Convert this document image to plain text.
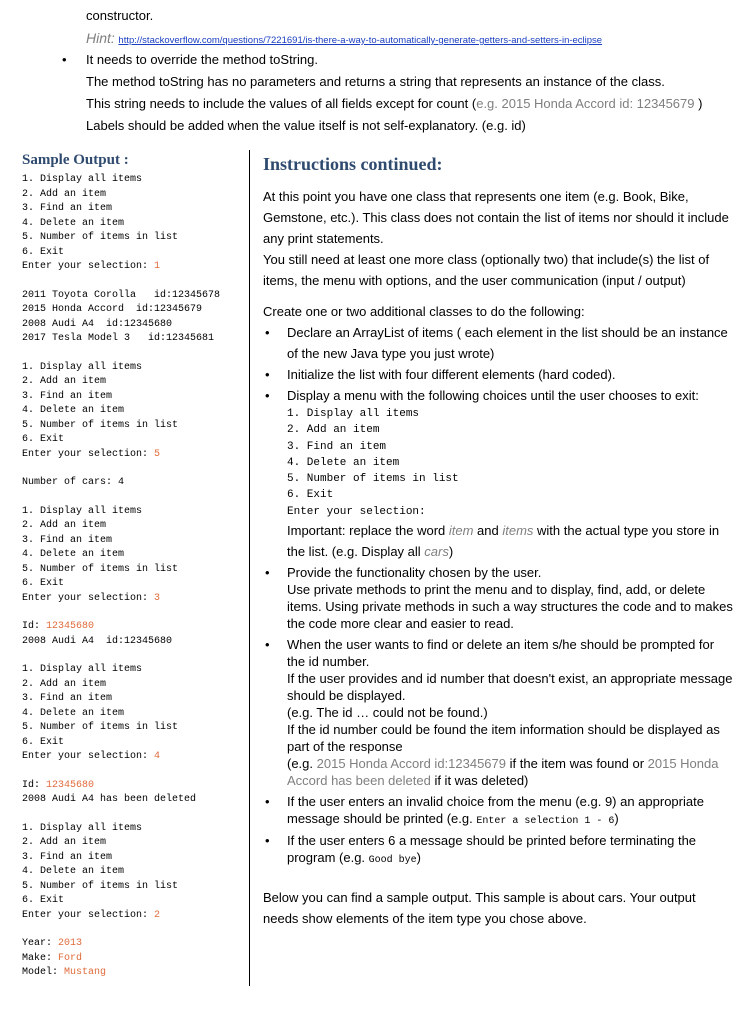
constructor.
Hint: http://stackoverflow.com/questions/7221691/is-there-a-way-to-automatically-generate-getters-and-setters-in-eclipse
• It needs to override the method toString.
The method toString has no parameters and returns a string that represents an instance of the class.
This string needs to include the values of all fields except for count (e.g. 2015 Honda Accord id: 12345679 )
Labels should be added when the value itself is not self-explanatory. (e.g. id)
Sample Output :
1. Display all items
2. Add an item
3. Find an item
4. Delete an item
5. Number of items in list
6. Exit
Enter your selection: 1
2011 Toyota Corolla   id:12345678
2015 Honda Accord  id:12345679
2008 Audi A4  id:12345680
2017 Tesla Model 3   id:12345681
1. Display all items
2. Add an item
3. Find an item
4. Delete an item
5. Number of items in list
6. Exit
Enter your selection: 5
Number of cars: 4
1. Display all items
2. Add an item
3. Find an item
4. Delete an item
5. Number of items in list
6. Exit
Enter your selection: 3
Id: 12345680
2008 Audi A4  id:12345680
1. Display all items
2. Add an item
3. Find an item
4. Delete an item
5. Number of items in list
6. Exit
Enter your selection: 4
Id: 12345680
2008 Audi A4 has been deleted
1. Display all items
2. Add an item
3. Find an item
4. Delete an item
5. Number of items in list
6. Exit
Enter your selection: 2
Year: 2013
Make: Ford
Model: Mustang
Instructions continued:

At this point you have one class that represents one item (e.g. Book, Bike, Gemstone, etc.). This class does not contain the list of items nor should it include any print statements.

You still need at least one more class (optionally two) that include(s) the list of items, the menu with options, and the user communication (input / output)

Create one or two additional classes to do the following:

• Declare an ArrayList of items ( each element in the list should be an instance of the new Java type you just wrote)
• Initialize the list with four different elements (hard coded).
• Display a menu with the following choices until the user chooses to exit:
1. Display all items
2. Add an item
3. Find an item
4. Delete an item
5. Number of items in list
6. Exit
Enter your selection:
Important: replace the word item and items with the actual type you store in the list. (e.g. Display all cars)
• Provide the functionality chosen by the user.
Use private methods to print the menu and to display, find, add, or delete items. Using private methods in such a way structures the code and to makes the code more clear and easier to read.
• When the user wants to find or delete an item s/he should be prompted for the id number.
If the user provides and id number that doesn't exist, an appropriate message should be displayed.
(e.g. The id … could not be found.)
If the id number could be found the item information should be displayed as part of the response
(e.g. 2015 Honda Accord id:12345679 if the item was found or 2015 Honda Accord has been deleted if it was deleted)
• If the user enters an invalid choice from the menu (e.g. 9) an appropriate message should be printed (e.g. Enter a selection 1 - 6)
• If the user enters 6 a message should be printed before terminating the program (e.g. Good bye)

Below you can find a sample output. This sample is about cars. Your output needs show elements of the item type you chose above.
